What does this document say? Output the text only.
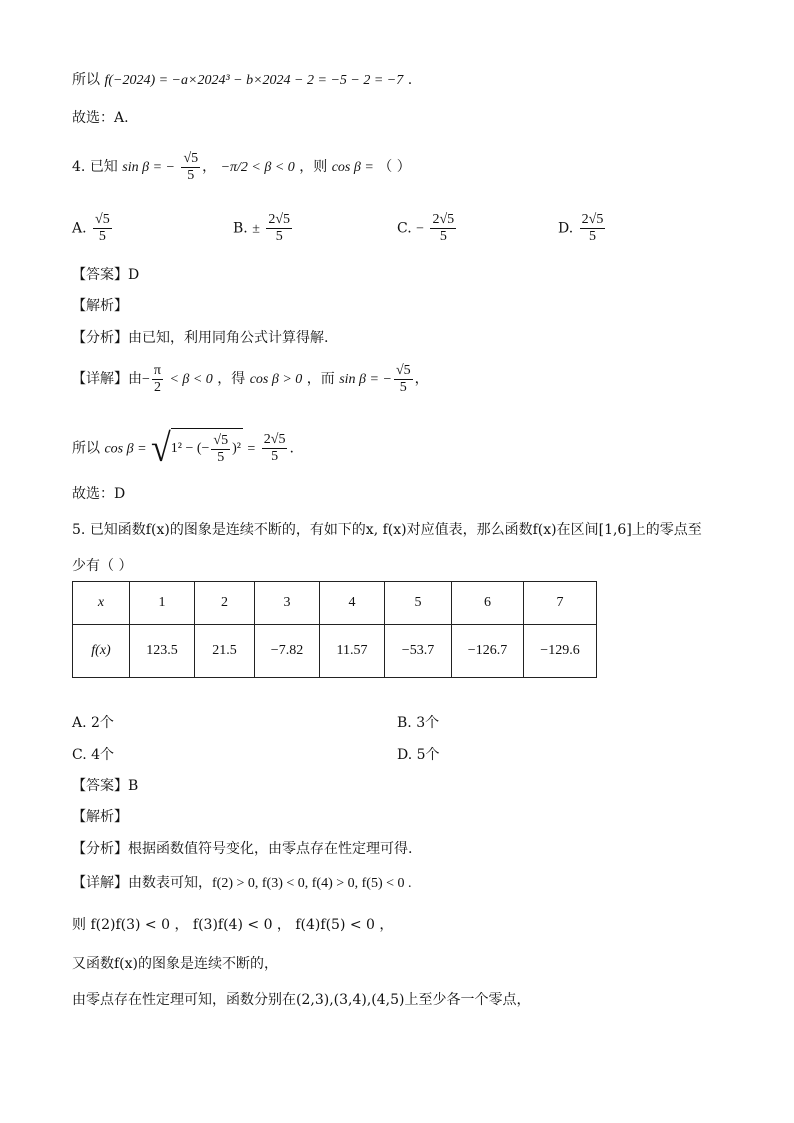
所以 f(−2024) = −a×2024³ − b×2024 − 2 = −5 − 2 = −7 .
故选：A.
4. 已知 sin β = − $\frac{√5}{5}$ ， −π/2 < β < 0 ，则 cos β = （ ）
A. $\frac{√5}{5}$	B. ± $\frac{2√5}{5}$	C. − $\frac{2√5}{5}$	D. $\frac{2√5}{5}$
【答案】D
【解析】
【分析】由已知，利用同角公式计算得解.
【详解】由− $\frac{\pi}{2} < \beta < 0$ ，得 cos β > 0 ，而 sin β = − $\frac{√5}{5}$ ，
所以 cos β = √ 1² − (− $\frac{√5}{5} )^2 = \frac{2√5}{5}$ .
故选：D
5. 已知函数f(x)的图象是连续不断的，有如下的x, f(x)对应值表，那么函数f(x)在区间[1,6]上的零点至
少有（ ）
x	1	2	3	4	5	6	7
f(x)	123.5	21.5	−7.82	11.57	−53.7	−126.7	−129.6
A. 2个	B. 3个
C. 4个	D. 5个
【答案】B
【解析】
【分析】根据函数值符号变化，由零点存在性定理可得.
【详解】由数表可知，f(2) > 0, f(3) < 0, f(4) > 0, f(5) < 0 .
则 f(2)f(3) < 0 ， f(3)f(4) < 0 ， f(4)f(5) < 0 ，
又函数f(x)的图象是连续不断的，
由零点存在性定理可知，函数分别在(2,3),(3,4),(4,5)上至少各一个零点，
